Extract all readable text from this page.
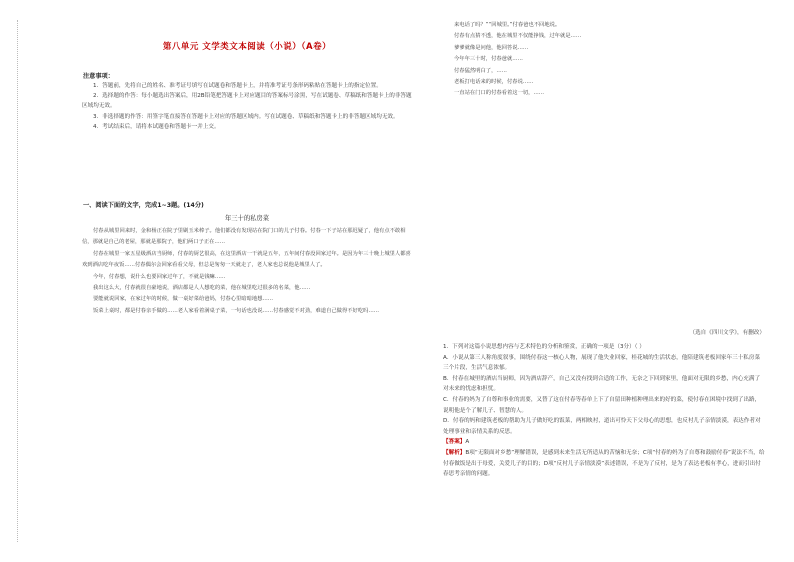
第八单元 文学类文本阅读（小说）（A卷）
注意事项：

1．答题前，先将自己的姓名、准考证号填写在试题卷和答题卡上，并将准考证号条形码粘贴在答题卡上的指定位置。

2．选择题的作答：每小题选出答案后，用2B铅笔把答题卡上对应题目的答案标号涂黑，写在试题卷、草稿纸和答题卡上的非答题区域均无效。

3．非选择题的作答：用签字笔直接答在答题卡上对应的答题区域内。写在试题卷、草稿纸和答题卡上的非答题区域均无效。

4．考试结束后，请将本试题卷和答题卡一并上交。

一、阅读下面的文字，完成1~3题。(14分)
年三十的私房菜

付春从城里回来时，金和杨正在院子里刷玉米棒子。他们都没有发现站在院门口的儿子付春。付春一下子站在那迟疑了，他有点不敢相信，那就是自己的老屋，那就是那院子，他们两口子正在……

付春在城里一家五星级酒店当厨师，付春的厨艺很高，在这里酒店一干就是五年，五年间付春没回家过年。是因为年三十晚上城里人都喜欢到酒店吃年夜饭……付春偶尔会回家看看父母，但总是匆匆一天就走了，老人家也总说他是城里人了。

今年，付春想，说什么也要回家过年了，不就是钱嘛……

我出这么大，付春就很自豪地说，酒店都是人人想吃的菜，他在城里吃过很多的名菜，他……

要能就说回家，在家过年的时候，做一桌好菜给爸妈，付春心里暗暗地想……

饭菜上桌时，都是付春亲手做的……老人家看着满桌子菜，一句话也没说……付春感觉不对劲，难道自己做得不好吃吗……

来电话了吗？”“回城里。”付春爸也不回地说。

付春有点猜不透，他在城里不仅能挣钱，过年就是……

爹爹就像是问他，他回答说……

今年年三十时，付春爸就……

付春猛然明白了，……

老板打电话来的时候，付春说……

一直站在门口的付春看着这一切，……

（选自《四川文学》，有删改）

1．下列对这篇小说思想内容与艺术特色的分析和鉴赏，正确的一项是（3分）（ ）

A．小说从第三人称角度叙事，围绕付春这一核心人物，展现了他失业回家，桂花城的生活状态，他陪建筑老板回家年三十私房菜三个片段，生活气息浓郁。

B．付春在城里的酒店当厨师，因为酒店辞产，自己又没有找到合适的工作，无奈之下回到家里，他面对无限的乡愁，内心充满了对未来的忧虑和担忧。

C．付春的妈为了自尊和事业的需要，又替了这在付春等春单上下了自留田种植种理出来的好的菜，使付春在困境中找到了出路，说明他是个了解儿子、智慧的人。

D．付春的妈和建筑老板的帮助为儿子做好吃的饭菜，两相映衬，道出可怜天下父母心的思想，也反衬儿子亲情淡漠，表达作者对处理事业和亲情关系的反思。

【答案】A

【解析】B项“无限面对乡愁”理解错误，是感到未来生活无所适从的苦恼和无奈；C项“付春的妈为了自尊和鼓励付春”说法不当，给付春做饭是出于母爱，关爱儿子的目的；D项“反衬儿子亲情淡漠”表述错误，不是为了反衬，是为了表达老板有孝心，进而引出付春思考亲情的问题。
